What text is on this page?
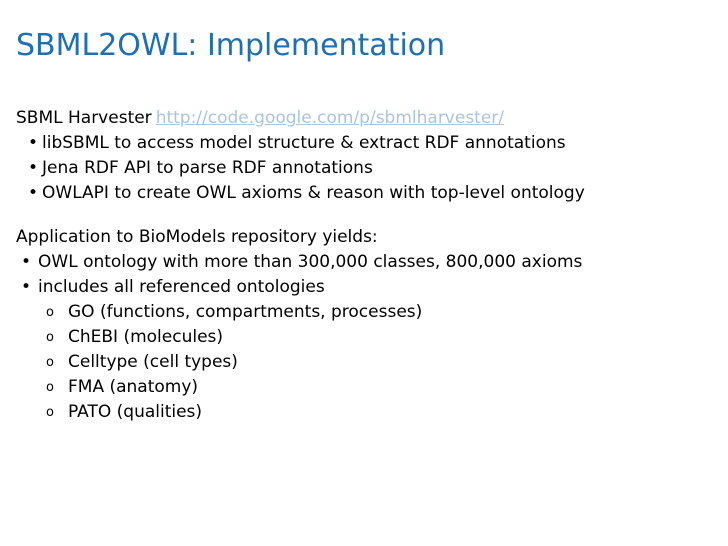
SBML2OWL: Implementation
SBML Harvester http://code.google.com/p/sbmlharvester/
• libSBML to access model structure & extract RDF annotations
• Jena RDF API to parse RDF annotations
• OWLAPI to create OWL axioms & reason with top-level ontology
Application to BioModels repository yields:
• OWL ontology with more than 300,000 classes, 800,000 axioms
• includes all referenced ontologies
o GO (functions, compartments, processes)
o ChEBI (molecules)
o Celltype (cell types)
o FMA (anatomy)
o PATO (qualities)
